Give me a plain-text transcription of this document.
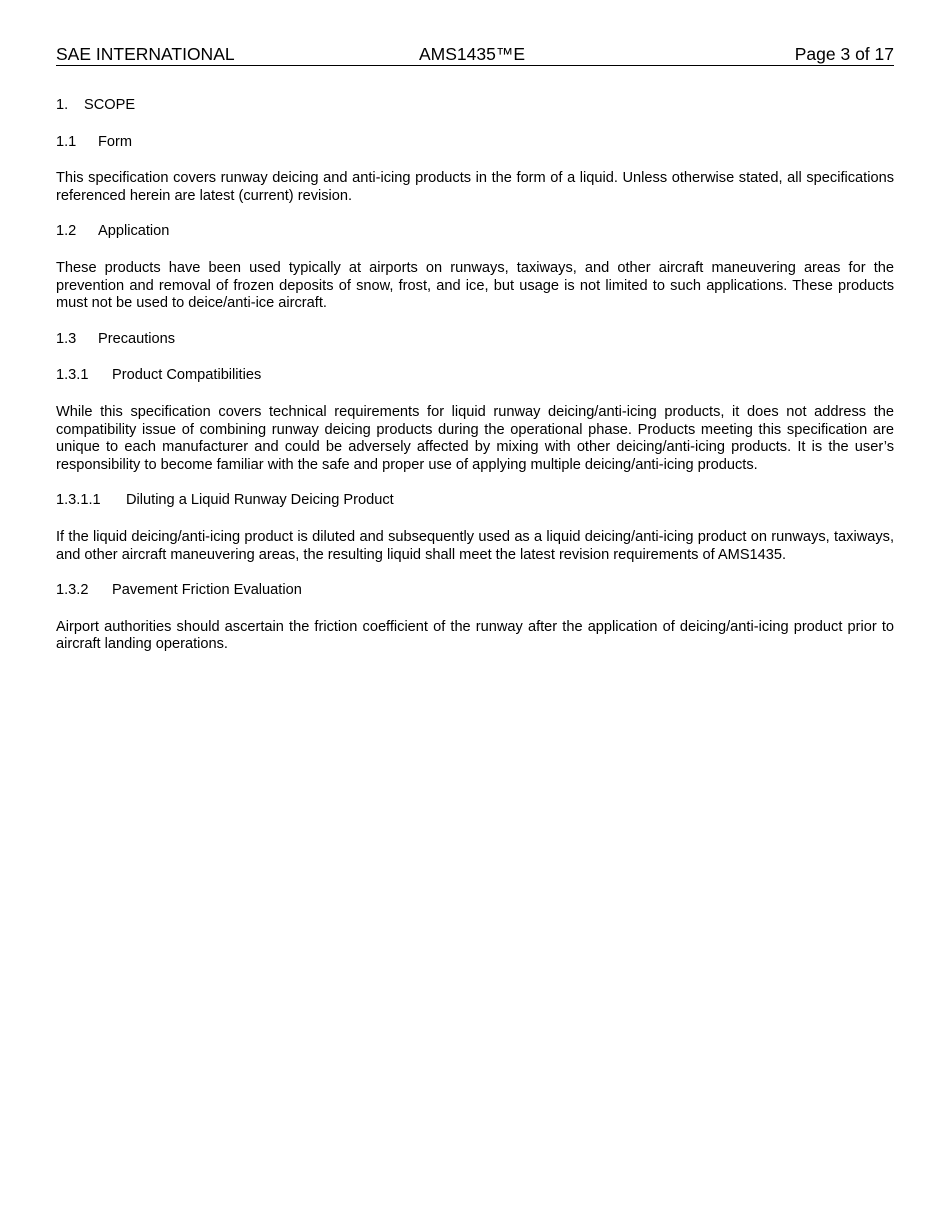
SAE INTERNATIONAL	AMS1435™E	Page 3 of 17
1. SCOPE
1.1 Form

This specification covers runway deicing and anti-icing products in the form of a liquid. Unless otherwise stated, all specifications referenced herein are latest (current) revision.

1.2 Application

These products have been used typically at airports on runways, taxiways, and other aircraft maneuvering areas for the prevention and removal of frozen deposits of snow, frost, and ice, but usage is not limited to such applications. These products must not be used to deice/anti-ice aircraft.

1.3 Precautions
1.3.1 Product Compatibilities

While this specification covers technical requirements for liquid runway deicing/anti-icing products, it does not address the compatibility issue of combining runway deicing products during the operational phase. Products meeting this specification are unique to each manufacturer and could be adversely affected by mixing with other deicing/anti-icing products. It is the user’s responsibility to become familiar with the safe and proper use of applying multiple deicing/anti-icing products.

1.3.1.1 Diluting a Liquid Runway Deicing Product

If the liquid deicing/anti-icing product is diluted and subsequently used as a liquid deicing/anti-icing product on runways, taxiways, and other aircraft maneuvering areas, the resulting liquid shall meet the latest revision requirements of AMS1435.

1.3.2 Pavement Friction Evaluation

Airport authorities should ascertain the friction coefficient of the runway after the application of deicing/anti-icing product prior to aircraft landing operations.
